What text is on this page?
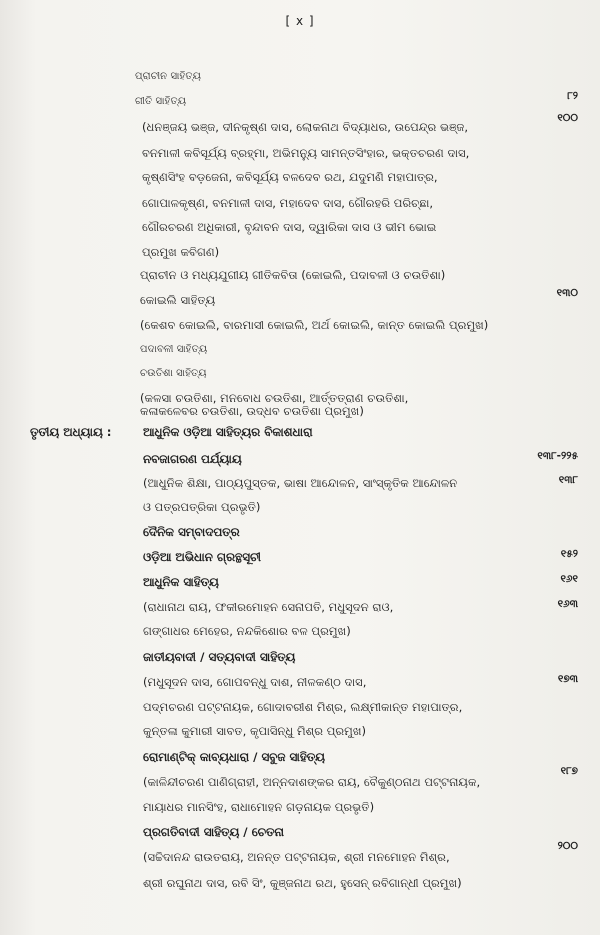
[ x ]
ତୃତୀୟ ଅଧ୍ୟାୟ :
ପ୍ରାଚୀନ ସାହିତ୍ୟ
ଗୀତି ସାହିତ୍ୟ
(ଧନଞ୍ଜୟ ଭଞ୍ଜ, ଦୀନକୃଷ୍ଣ ଦାସ, ଲୋକନାଥ ବିଦ୍ୟାଧର, ଉପେନ୍ଦ୍ର ଭଞ୍ଜ,
ବନମାଳୀ କବିସୂର୍ଯ୍ୟ ବ୍ରହ୍ମା, ଅଭିମନ୍ୟୁ ସାମନ୍ତସିଂହାର, ଭକ୍ତଚରଣ ଦାସ,
କୃଷ୍ଣସିଂହ ବଡ଼ଜେନା, କବିସୂର୍ଯ୍ୟ ବଳଦେବ ରଥ, ଯଦୁମଣି ମହାପାତ୍ର,
ଗୋପାଳକୃଷ୍ଣ, ବନମାଳୀ ଦାସ, ମହାଦେବ ଦାସ, ଗୌରହରି ପରିଚ୍ଛା,
ଗୌରଚରଣ ଅଧିକାରୀ, ବୃନ୍ଦାବନ ଦାସ, ଦ୍ୱାରିକା ଦାସ ଓ ଭୀମ ଭୋଇ
ପ୍ରମୁଖ କବିଗଣ)
ପ୍ରାଚୀନ ଓ ମଧ୍ୟଯୁଗୀୟ ଗୀତିକବିତା (କୋଇଲି, ପଦାବଳୀ ଓ ଚଉତିଶା)
କୋଇଲି ସାହିତ୍ୟ
(କେଶବ କୋଇଲି, ବାରମାସୀ କୋଇଲି, ଅର୍ଥ କୋଇଲି, କାନ୍ତ କୋଇଲି ପ୍ରମୁଖ)
ପଦାବଳୀ ସାହିତ୍ୟ
ଚଉତିଶା ସାହିତ୍ୟ
(କଳସା ଚଉତିଶା, ମନବୋଧ ଚଉତିଶା, ଆର୍ତ୍ତତ୍ରାଣ ଚଉତିଶା,
କଳାକଳେବର ଚଉତିଶା, ଉଦ୍ଧବ ଚଉତିଶା ପ୍ରମୁଖ)
ଆଧୁନିକ ଓଡ଼ିଆ ସାହିତ୍ୟର ବିକାଶଧାରା
ନବଜାଗରଣ ପର୍ଯ୍ୟାୟ
(ଆଧୁନିକ ଶିକ୍ଷା, ପାଠ୍ୟପୁସ୍ତକ, ଭାଷା ଆନ୍ଦୋଳନ, ସାଂସ୍କୃତିକ ଆନ୍ଦୋଳନ
ଓ ପତ୍ରପତ୍ରିକା ପ୍ରଭୃତି)
ଦୈନିକ ସମ୍ବାଦପତ୍ର
ଓଡ଼ିଆ ଅଭିଧାନ ଗ୍ରନ୍ଥସୂଚୀ
ଆଧୁନିକ ସାହିତ୍ୟ
(ରାଧାନାଥ ରାୟ, ଫକୀରମୋହନ ସେନାପତି, ମଧୁସୂଦନ ରାଓ,
ଗଙ୍ଗାଧର ମେହେର, ନନ୍ଦକିଶୋର ବଳ ପ୍ରମୁଖ)
ଜାତୀୟବାଦୀ / ସତ୍ୟବାଦୀ ସାହିତ୍ୟ
(ମଧୁସୂଦନ ଦାସ, ଗୋପବନ୍ଧୁ ଦାଶ, ନୀଳକଣ୍ଠ ଦାସ,
ପଦ୍ମଚରଣ ପଟ୍ଟନାୟକ, ଗୋଦାବରୀଶ ମିଶ୍ର, ଲକ୍ଷ୍ମୀକାନ୍ତ ମହାପାତ୍ର,
କୁନ୍ତଳା କୁମାରୀ ସାବତ, କୃପାସିନ୍ଧୁ ମିଶ୍ର ପ୍ରମୁଖ)
ରୋମାଣ୍ଟିକ୍ କାବ୍ୟଧାରା / ସବୁଜ ସାହିତ୍ୟ
(କାଳିନ୍ଦୀଚରଣ ପାଣିଗ୍ରାହୀ, ଅନ୍ନଦାଶଙ୍କର ରାୟ, ବୈକୁଣ୍ଠନାଥ ପଟ୍ଟନାୟକ,
ମାୟାଧର ମାନସିଂହ, ରାଧାମୋହନ ଗଡ଼ନାୟକ ପ୍ରଭୃତି)
ପ୍ରଗତିବାଦୀ ସାହିତ୍ୟ / ଚେତନା
(ସଚ୍ଚିଦାନନ୍ଦ ରାଉତରାୟ, ଅନନ୍ତ ପଟ୍ଟନାୟକ, ଶ୍ରୀ ମନମୋହନ ମିଶ୍ର,
ଶ୍ରୀ ରଘୁନାଥ ଦାସ, ରବି ସିଂ, କୁଞ୍ଜନାଥ ରଥ, ହୁସେନ୍ ରବିଗାନ୍ଧୀ ପ୍ରମୁଖ)
୮୨
୧୦୦
୧୩୦
୧୩୮-୨୨୫
୧୩୮
୧୫୨
୧୬୧
୧୬୩
୧୭୩
୧୮୭
୨୦୦
